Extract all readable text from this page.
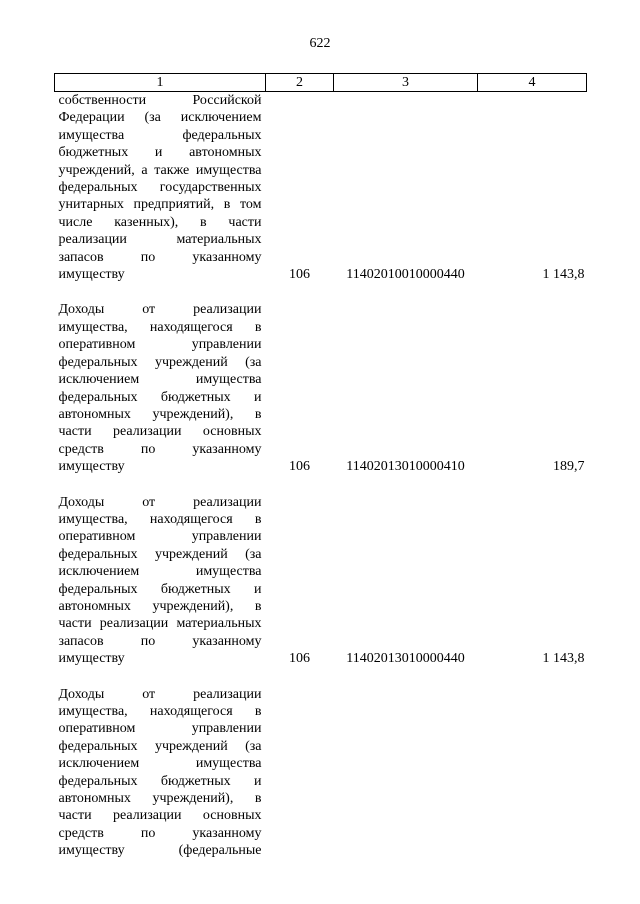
622
1	2	3	4
собственности Российской Федерации (за исключением имущества федеральных бюджетных и автономных учреждений, а также имущества федеральных государственных унитарных предприятий, в том числе казенных), в части реализации материальных запасов по указанному имуществу	106	11402010010000440	1 143,8
Доходы от реализации имущества, находящегося в оперативном управлении федеральных учреждений (за исключением имущества федеральных бюджетных и автономных учреждений), в части реализации основных средств по указанному имуществу	106	11402013010000410	189,7
Доходы от реализации имущества, находящегося в оперативном управлении федеральных учреждений (за исключением имущества федеральных бюджетных и автономных учреждений), в части реализации материальных запасов по указанному имуществу	106	11402013010000440	1 143,8
Доходы от реализации имущества, находящегося в оперативном управлении федеральных учреждений (за исключением имущества федеральных бюджетных и автономных учреждений), в части реализации основных средств по указанному имуществу (федеральные			
